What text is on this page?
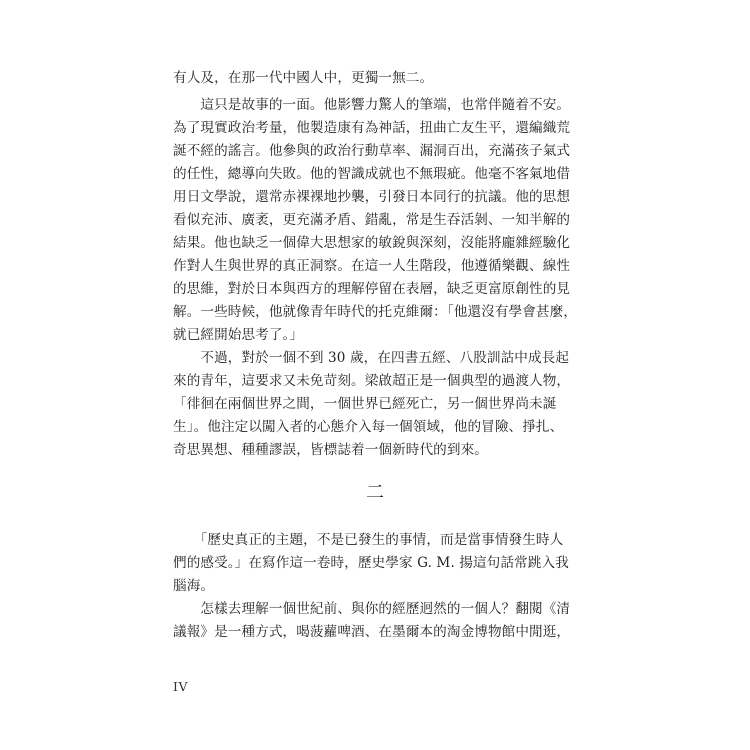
有人及，在那一代中國人中，更獨一無二。
　　這只是故事的一面。他影響力驚人的筆端，也常伴隨着不安。
為了現實政治考量，他製造康有為神話，扭曲亡友生平，還編織荒
誕不經的謠言。他參與的政治行動草率、漏洞百出，充滿孩子氣式
的任性，總導向失敗。他的智識成就也不無瑕疵。他毫不客氣地借
用日文學說，還常赤裸裸地抄襲，引發日本同行的抗議。他的思想
看似充沛、廣袤，更充滿矛盾、錯亂，常是生吞活剝、一知半解的
結果。他也缺乏一個偉大思想家的敏銳與深刻，沒能將龐雜經驗化
作對人生與世界的真正洞察。在這一人生階段，他遵循樂觀、線性
的思維，對於日本與西方的理解停留在表層，缺乏更富原創性的見
解。一些時候，他就像青年時代的托克維爾：「他還沒有學會甚麼，
就已經開始思考了。」
　　不過，對於一個不到 30 歲，在四書五經、八股訓詁中成長起
來的青年，這要求又未免苛刻。梁啟超正是一個典型的過渡人物，
「徘徊在兩個世界之間，一個世界已經死亡，另一個世界尚未誕
生」。他注定以闖入者的心態介入每一個領域，他的冒險、掙扎、
奇思異想、種種謬誤，皆標誌着一個新時代的到來。
二
　　「歷史真正的主題，不是已發生的事情，而是當事情發生時人
們的感受。」在寫作這一卷時，歷史學家 G. M. 揚這句話常跳入我
腦海。
　　怎樣去理解一個世紀前、與你的經歷迥然的一個人？翻閱《清
議報》是一種方式，喝菠蘿啤酒、在墨爾本的淘金博物館中閒逛，
IV
